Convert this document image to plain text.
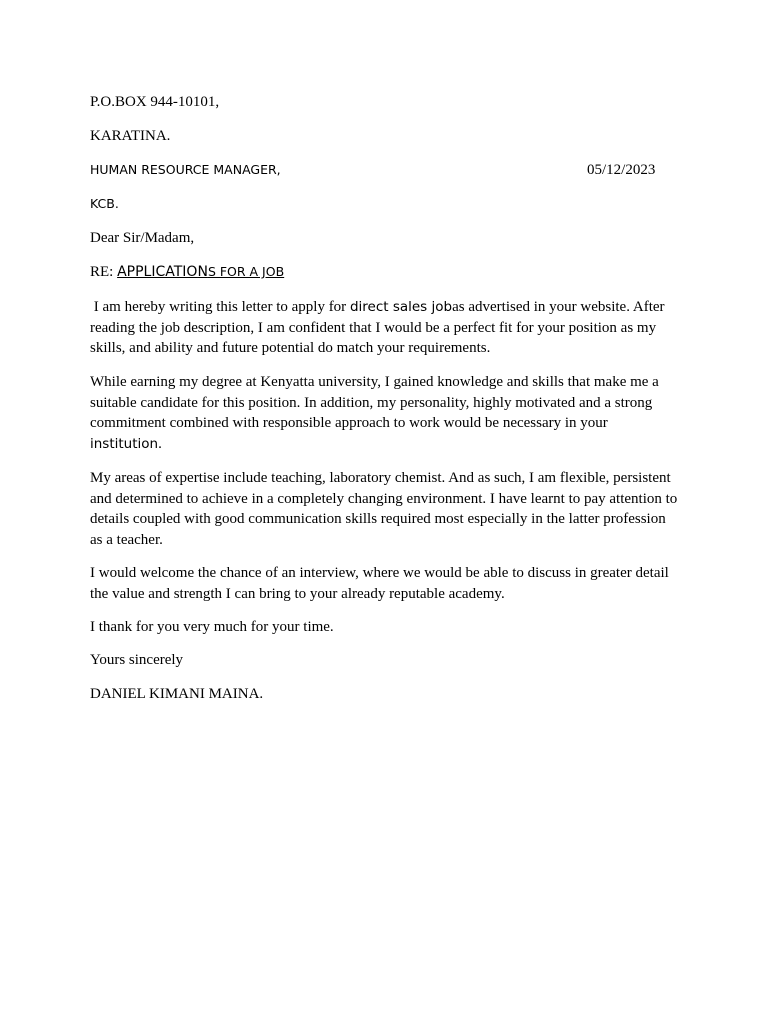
P.O.BOX 944-10101,
KARATINA.
HUMAN RESOURCE MANAGER,	05/12/2023
KCB.
Dear Sir/Madam,
RE: APPLICATIONS FOR A JOB
I am hereby writing this letter to apply for direct sales jobas advertised in your website. After reading the job description, I am confident that I would be a perfect fit for your position as my skills, and ability and future potential do match your requirements.
While earning my degree at Kenyatta university, I gained knowledge and skills that make me a suitable candidate for this position. In addition, my personality, highly motivated and a strong commitment combined with responsible approach to work would be necessary in your institution.
My areas of expertise include teaching, laboratory chemist. And as such, I am flexible, persistent and determined to achieve in a completely changing environment. I have learnt to pay attention to details coupled with good communication skills required most especially in the latter profession as a teacher.
I would welcome the chance of an interview, where we would be able to discuss in greater detail the value and strength I can bring to your already reputable academy.
I thank for you very much for your time.
Yours sincerely
DANIEL KIMANI MAINA.
